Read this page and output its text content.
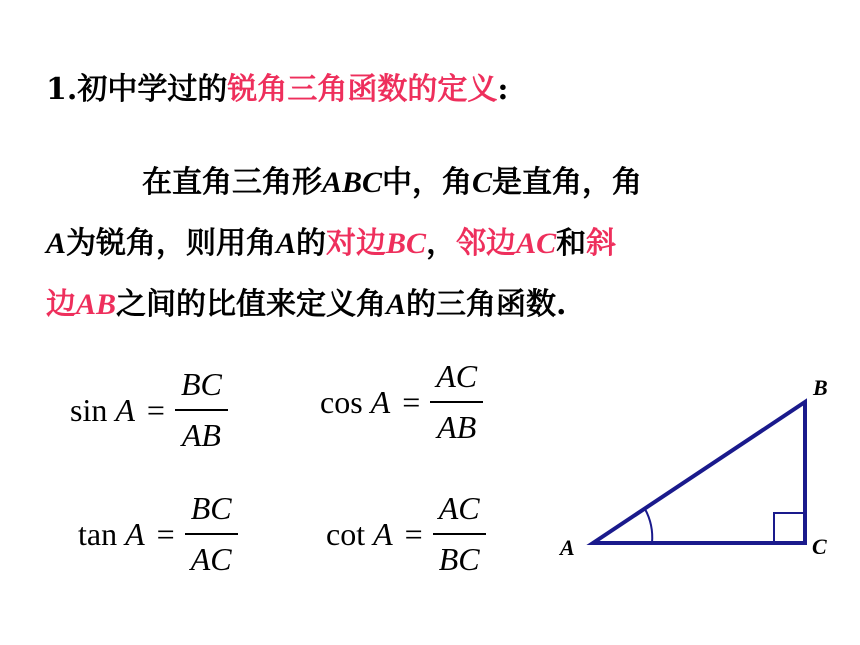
1.初中学过的锐角三角函数的定义:
在直角三角形ABC中，角C是直角，角
A为锐角，则用角A的对边BC，邻边AC和斜
边AB之间的比值来定义角A的三角函数.
$\sin A = \frac{BC}{AB}$	$\cos A = \frac{AC}{AB}$
$\tan A = \frac{BC}{AC}$	$\cot A = \frac{AC}{BC}$	A
B
C
